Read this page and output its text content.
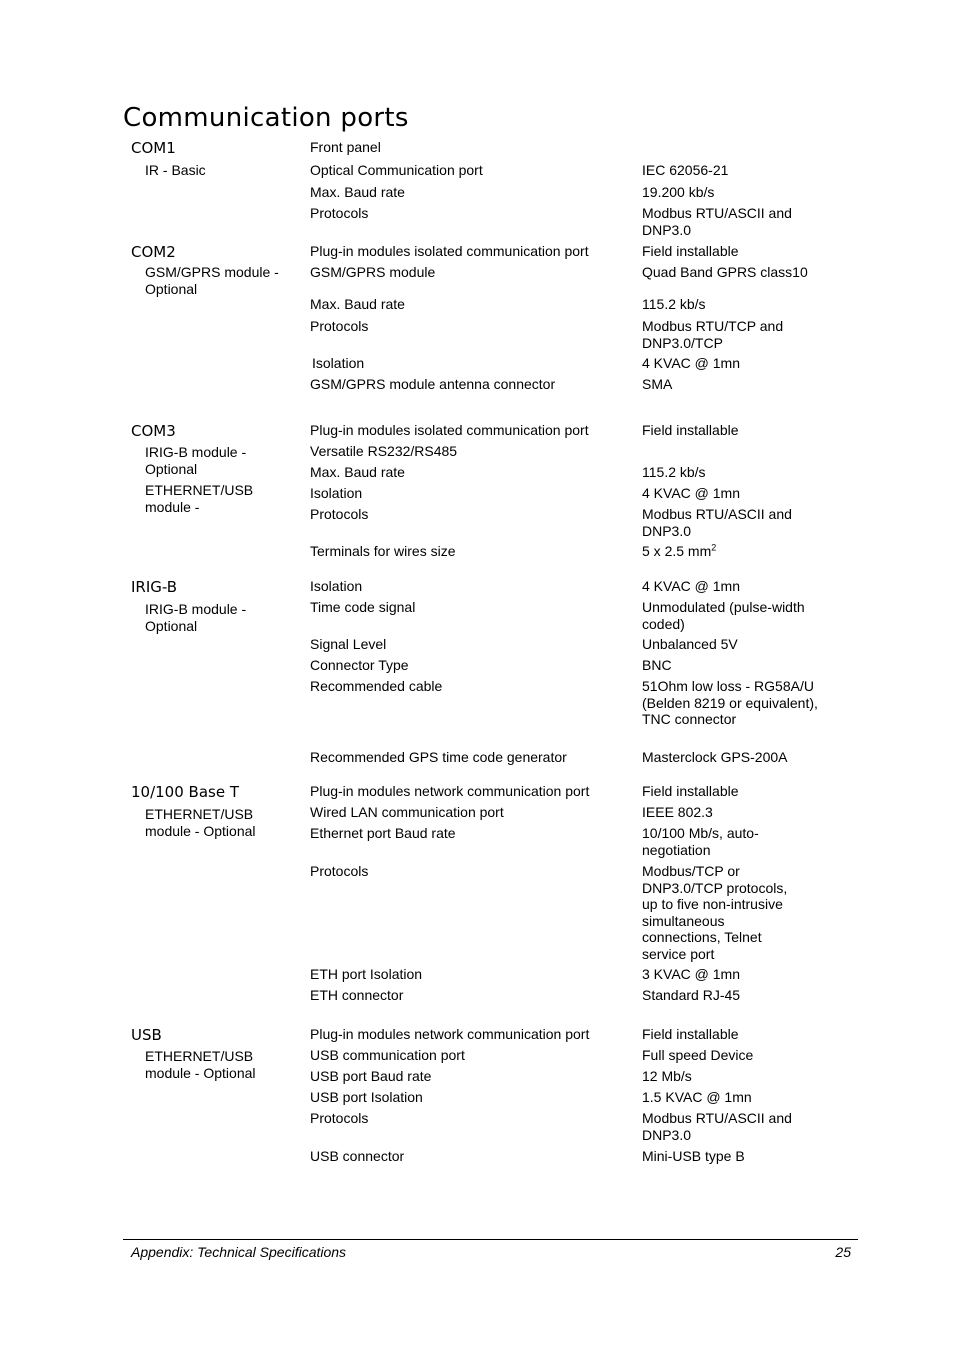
Communication ports
COM1
IR - Basic
Front panel
Optical Communication port	IEC 62056-21
Max. Baud rate	19.200 kb/s
Protocols	Modbus RTU/ASCII and DNP3.0
COM2
GSM/GPRS module - Optional
Plug-in modules isolated communication port	Field installable
GSM/GPRS module	Quad Band GPRS class10
Max. Baud rate	115.2 kb/s
Protocols	Modbus RTU/TCP and DNP3.0/TCP
Isolation	4 KVAC @ 1mn
GSM/GPRS module antenna connector	SMA
COM3
IRIG-B module - Optional
ETHERNET/USB module -
Plug-in modules isolated communication port	Field installable
Versatile RS232/RS485
Max. Baud rate	115.2 kb/s
Isolation	4 KVAC @ 1mn
Protocols	Modbus RTU/ASCII and DNP3.0
Terminals for wires size	5 x 2.5 $mm^2$
IRIG-B
IRIG-B module - Optional
Isolation	4 KVAC @ 1mn
Time code signal	Unmodulated (pulse-width coded)
Signal Level	Unbalanced 5V
Connector Type	BNC
Recommended cable	51Ohm low loss - RG58A/U (Belden 8219 or equivalent), TNC connector
Recommended GPS time code generator	Masterclock GPS-200A
10/100 Base T
ETHERNET/USB module - Optional
Plug-in modules network communication port	Field installable
Wired LAN communication port	IEEE 802.3
Ethernet port Baud rate	10/100 Mb/s, auto-negotiation
Protocols	Modbus/TCP or DNP3.0/TCP protocols, up to five non-intrusive simultaneous connections, Telnet service port
ETH port Isolation	3 KVAC @ 1mn
ETH connector	Standard RJ-45
USB
ETHERNET/USB module - Optional
Plug-in modules network communication port	Field installable
USB communication port	Full speed Device
USB port Baud rate	12 Mb/s
USB port Isolation	1.5 KVAC @ 1mn
Protocols	Modbus RTU/ASCII and DNP3.0
USB connector	Mini-USB type B
Appendix: Technical Specifications	25
